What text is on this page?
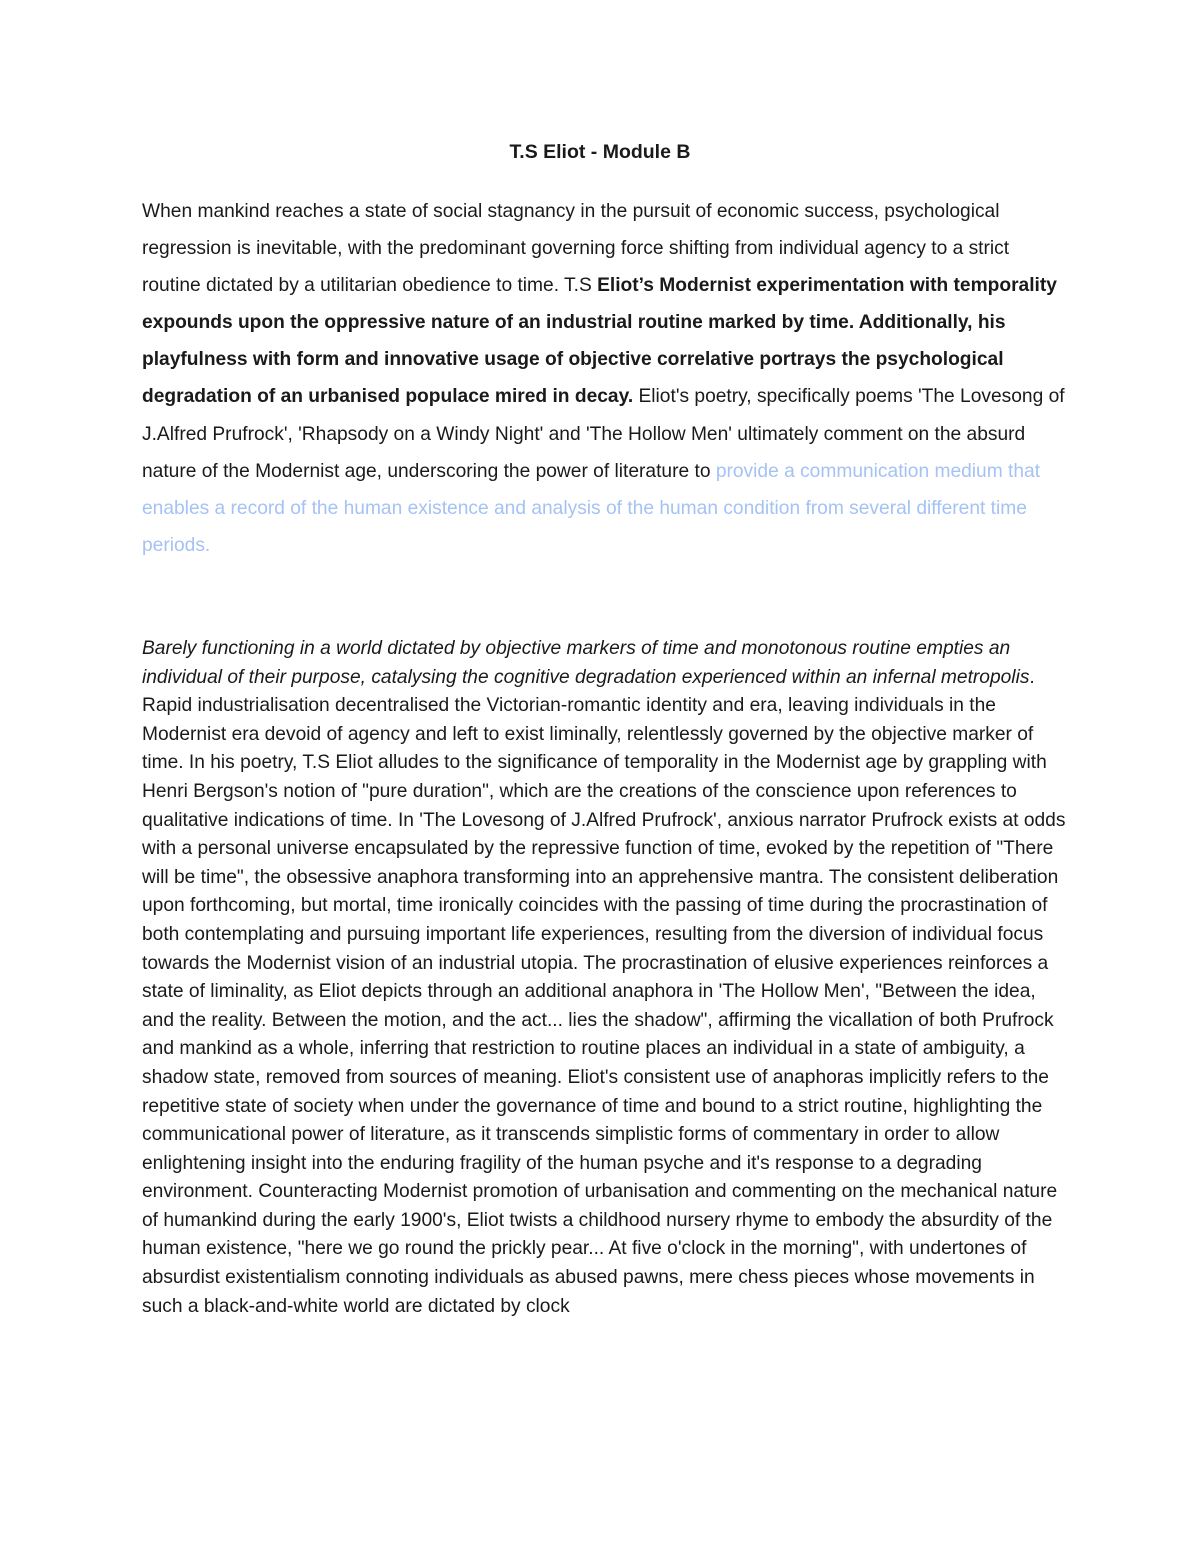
T.S Eliot - Module B

When mankind reaches a state of social stagnancy in the pursuit of economic success, psychological regression is inevitable, with the predominant governing force shifting from individual agency to a strict routine dictated by a utilitarian obedience to time. T.S Eliot’s Modernist experimentation with temporality expounds upon the oppressive nature of an industrial routine marked by time. Additionally, his playfulness with form and innovative usage of objective correlative portrays the psychological degradation of an urbanised populace mired in decay. Eliot's poetry, specifically poems 'The Lovesong of J.Alfred Prufrock', 'Rhapsody on a Windy Night' and 'The Hollow Men' ultimately comment on the absurd nature of the Modernist age, underscoring the power of literature to provide a communication medium that enables a record of the human existence and analysis of the human condition from several different time periods.

Barely functioning in a world dictated by objective markers of time and monotonous routine empties an individual of their purpose, catalysing the cognitive degradation experienced within an infernal metropolis. Rapid industrialisation decentralised the Victorian-romantic identity and era, leaving individuals in the Modernist era devoid of agency and left to exist liminally, relentlessly governed by the objective marker of time. In his poetry, T.S Eliot alludes to the significance of temporality in the Modernist age by grappling with Henri Bergson's notion of "pure duration", which are the creations of the conscience upon references to qualitative indications of time. In 'The Lovesong of J.Alfred Prufrock', anxious narrator Prufrock exists at odds with a personal universe encapsulated by the repressive function of time, evoked by the repetition of "There will be time", the obsessive anaphora transforming into an apprehensive mantra. The consistent deliberation upon forthcoming, but mortal, time ironically coincides with the passing of time during the procrastination of both contemplating and pursuing important life experiences, resulting from the diversion of individual focus towards the Modernist vision of an industrial utopia. The procrastination of elusive experiences reinforces a state of liminality, as Eliot depicts through an additional anaphora in 'The Hollow Men', "Between the idea, and the reality. Between the motion, and the act... lies the shadow", affirming the vicallation of both Prufrock and mankind as a whole, inferring that restriction to routine places an individual in a state of ambiguity, a shadow state, removed from sources of meaning. Eliot's consistent use of anaphoras implicitly refers to the repetitive state of society when under the governance of time and bound to a strict routine, highlighting the communicational power of literature, as it transcends simplistic forms of commentary in order to allow enlightening insight into the enduring fragility of the human psyche and it's response to a degrading environment. Counteracting Modernist promotion of urbanisation and commenting on the mechanical nature of humankind during the early 1900's, Eliot twists a childhood nursery rhyme to embody the absurdity of the human existence, "here we go round the prickly pear... At five o'clock in the morning", with undertones of absurdist existentialism connoting individuals as abused pawns, mere chess pieces whose movements in such a black-and-white world are dictated by clock
